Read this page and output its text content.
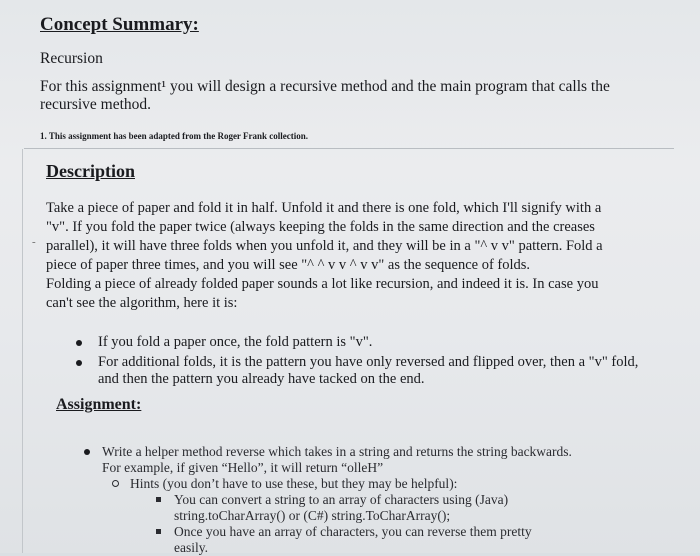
Concept Summary:
Recursion
For this assignment¹ you will design a recursive method and the main program that calls the
recursive method.
1. This assignment has been adapted from the Roger Frank collection.
-
Description
Take a piece of paper and fold it in half. Unfold it and there is one fold, which I'll signify with a
"v". If you fold the paper twice (always keeping the folds in the same direction and the creases
parallel), it will have three folds when you unfold it, and they will be in a "^ v v" pattern. Fold a
piece of paper three times, and you will see "^ ^ v v ^ v v" as the sequence of folds.
Folding a piece of already folded paper sounds a lot like recursion, and indeed it is. In case you
can't see the algorithm, here it is:
If you fold a paper once, the fold pattern is "v".
For additional folds, it is the pattern you have only reversed and flipped over, then a "v" fold, and then the pattern you already have tacked on the end.
Assignment:
Write a helper method reverse which takes in a string and returns the string backwards.
For example, if given “Hello”, it will return “olleH”
Hints (you don’t have to use these, but they may be helpful):
You can convert a string to an array of characters using (Java)
string.toCharArray() or (C#) string.ToCharArray();
Once you have an array of characters, you can reverse them pretty
easily.
